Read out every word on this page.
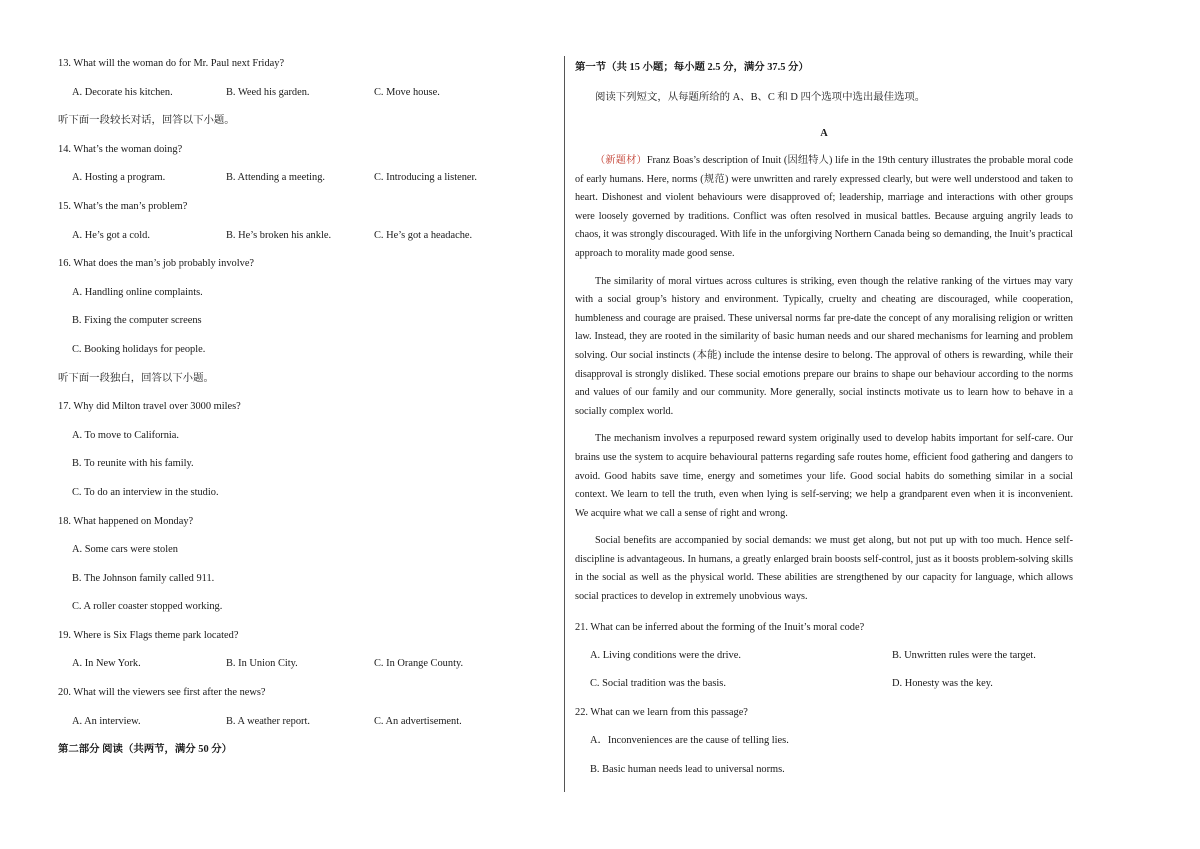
13. What will the woman do for Mr. Paul next Friday?
A. Decorate his kitchen.	B. Weed his garden.	C. Move house.
听下面一段较长对话，回答以下小题。
14. What’s the woman doing?
A. Hosting a program.	B. Attending a meeting.	C. Introducing a listener.
15. What’s the man’s problem?
A. He’s got a cold.	B. He’s broken his ankle.	C. He’s got a headache.
16. What does the man’s job probably involve?
A. Handling online complaints.
B. Fixing the computer screens
C. Booking holidays for people.
听下面一段独白，回答以下小题。
17. Why did Milton travel over 3000 miles?
A. To move to California.
B. To reunite with his family.
C. To do an interview in the studio.
18. What happened on Monday?
A. Some cars were stolen
B. The Johnson family called 911.
C. A roller coaster stopped working.
19. Where is Six Flags theme park located?
A. In New York.	B. In Union City.	C. In Orange County.
20. What will the viewers see first after the news?
A. An interview.	B. A weather report.	C. An advertisement.
第二部分 阅读（共两节，满分 50 分）
第一节（共 15 小题；每小题 2.5 分，满分 37.5 分）
阅读下列短文，从每题所给的 A、B、C 和 D 四个选项中选出最佳选项。
A

（新题材）Franz Boas’s description of Inuit (因纽特人) life in the 19th century illustrates the probable moral code of early humans. Here, norms (规范) were unwritten and rarely expressed clearly, but were well understood and taken to heart. Dishonest and violent behaviours were disapproved of; leadership, marriage and interactions with other groups were loosely governed by traditions. Conflict was often resolved in musical battles. Because arguing angrily leads to chaos, it was strongly discouraged. With life in the unforgiving Northern Canada being so demanding, the Inuit’s practical approach to morality made good sense.

The similarity of moral virtues across cultures is striking, even though the relative ranking of the virtues may vary with a social group’s history and environment. Typically, cruelty and cheating are discouraged, while cooperation, humbleness and courage are praised. These universal norms far pre-date the concept of any moralising religion or written law. Instead, they are rooted in the similarity of basic human needs and our shared mechanisms for learning and problem solving. Our social instincts (本能) include the intense desire to belong. The approval of others is rewarding, while their disapproval is strongly disliked. These social emotions prepare our brains to shape our behaviour according to the norms and values of our family and our community. More generally, social instincts motivate us to learn how to behave in a socially complex world.

The mechanism involves a repurposed reward system originally used to develop habits important for self-care. Our brains use the system to acquire behavioural patterns regarding safe routes home, efficient food gathering and dangers to avoid. Good habits save time, energy and sometimes your life. Good social habits do something similar in a social context. We learn to tell the truth, even when lying is self-serving; we help a grandparent even when it is inconvenient. We acquire what we call a sense of right and wrong.

Social benefits are accompanied by social demands: we must get along, but not put up with too much. Hence self-discipline is advantageous. In humans, a greatly enlarged brain boosts self-control, just as it boosts problem-solving skills in the social as well as the physical world. These abilities are strengthened by our capacity for language, which allows social practices to develop in extremely unobvious ways.

21. What can be inferred about the forming of the Inuit’s moral code?
A. Living conditions were the drive.	B. Unwritten rules were the target.
C. Social tradition was the basis.	D. Honesty was the key.
22. What can we learn from this passage?
A．Inconveniences are the cause of telling lies.
B. Basic human needs lead to universal norms.
